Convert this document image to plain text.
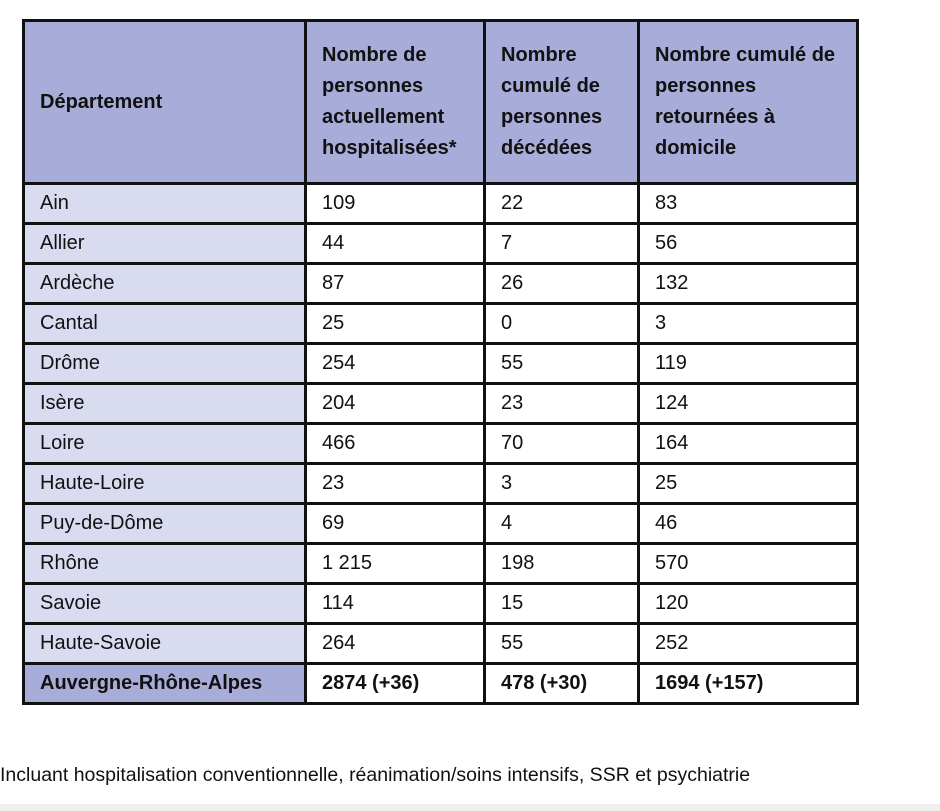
Département	Nombre de personnes actuellement hospitalisées*	Nombre cumulé de personnes décédées	Nombre cumulé de personnes retournées à domicile
Ain	109	22	83
Allier	44	7	56
Ardèche	87	26	132
Cantal	25	0	3
Drôme	254	55	119
Isère	204	23	124
Loire	466	70	164
Haute-Loire	23	3	25
Puy-de-Dôme	69	4	46
Rhône	1 215	198	570
Savoie	114	15	120
Haute-Savoie	264	55	252
Auvergne-Rhône-Alpes	2874 (+36)	478 (+30)	1694 (+157)
Incluant hospitalisation conventionnelle, réanimation/soins intensifs, SSR et psychiatrie
